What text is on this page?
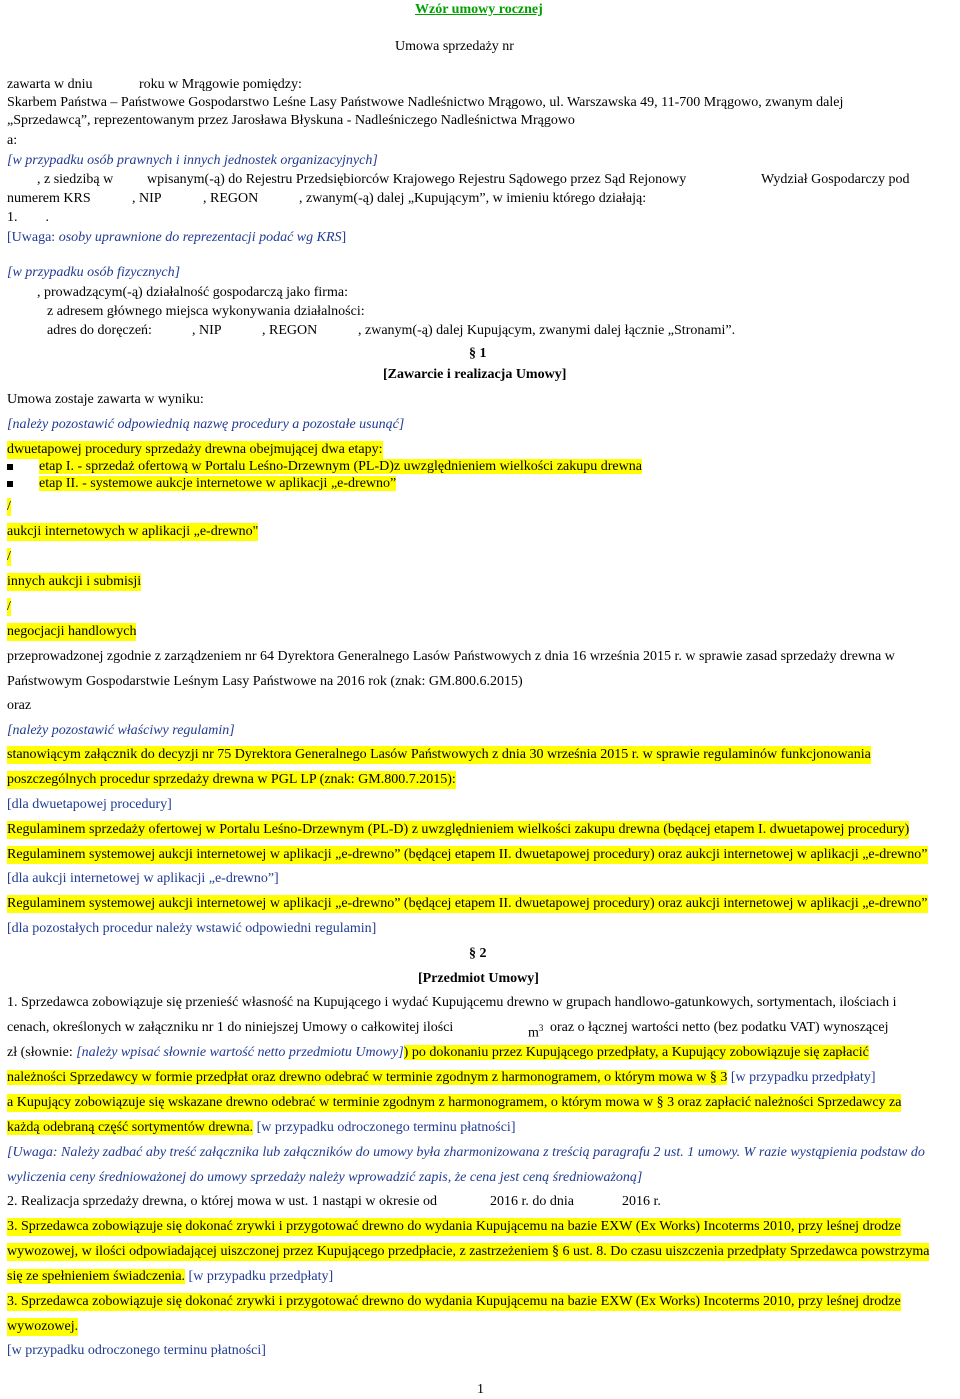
Wzór umowy rocznej
Umowa sprzedaży nr
zawarta w dniu	roku w Mrągowie pomiędzy:
Skarbem Państwa – Państwowe Gospodarstwo Leśne Lasy Państwowe Nadleśnictwo Mrągowo, ul. Warszawska 49, 11-700 Mrągowo, zwanym dalej
„Sprzedawcą”, reprezentowanym przez Jarosława Błyskuna - Nadleśniczego Nadleśnictwa Mrągowo
a:
[w przypadku osób prawnych i innych jednostek organizacyjnych]
, z siedzibą w wpisanym(-ą) do Rejestru Przedsiębiorców Krajowego Rejestru Sądowego przez Sąd Rejonowy	Wydział Gospodarczy pod
numerem KRS	, NIP	, REGON	, zwanym(-ą) dalej „Kupującym”, w imieniu którego działają:
1.        .
[Uwaga: osoby uprawnione do reprezentacji podać wg KRS]
[w przypadku osób fizycznych]
, prowadzącym(-ą) działalność gospodarczą jako firma:
z adresem głównego miejsca wykonywania działalności:
adres do doręczeń:	, NIP	, REGON	, zwanym(-ą) dalej Kupującym, zwanymi dalej łącznie „Stronami”.
§ 1
[Zawarcie i realizacja Umowy]
Umowa zostaje zawarta w wyniku:
[należy pozostawić odpowiednią nazwę procedury a pozostałe usunąć]
dwuetapowej procedury sprzedaży drewna obejmującej dwa etapy:
etap I. - sprzedaż ofertową w Portalu Leśno-Drzewnym (PL-D)z uwzględnieniem wielkości zakupu drewna
etap II. - systemowe aukcje internetowe w aplikacji „e-drewno”
/
aukcji internetowych w aplikacji „e-drewno"
/
innych aukcji i submisji
/
negocjacji handlowych
przeprowadzonej zgodnie z zarządzeniem nr 64 Dyrektora Generalnego Lasów Państwowych z dnia 16 września 2015 r. w sprawie zasad sprzedaży drewna w
Państwowym Gospodarstwie Leśnym Lasy Państwowe na 2016 rok (znak: GM.800.6.2015)
oraz
[należy pozostawić właściwy regulamin]
stanowiącym załącznik do decyzji nr 75 Dyrektora Generalnego Lasów Państwowych z dnia 30 września 2015 r. w sprawie regulaminów funkcjonowania
poszczególnych procedur sprzedaży drewna w PGL LP (znak: GM.800.7.2015):
[dla dwuetapowej procedury]
Regulaminem sprzedaży ofertowej w Portalu Leśno-Drzewnym (PL-D) z uwzględnieniem wielkości zakupu drewna (będącej etapem I. dwuetapowej procedury)
Regulaminem systemowej aukcji internetowej w aplikacji „e-drewno” (będącej etapem II. dwuetapowej procedury) oraz aukcji internetowej w aplikacji „e-drewno”
[dla aukcji internetowej w aplikacji „e-drewno”]
Regulaminem systemowej aukcji internetowej w aplikacji „e-drewno” (będącej etapem II. dwuetapowej procedury) oraz aukcji internetowej w aplikacji „e-drewno”
[dla pozostałych procedur należy wstawić odpowiedni regulamin]
§ 2
[Przedmiot Umowy]
1. Sprzedawca zobowiązuje się przenieść własność na Kupującego i wydać Kupującemu drewno w grupach handlowo-gatunkowych, sortymentach, ilościach i
cenach, określonych w załączniku nr 1 do niniejszej Umowy o całkowitej ilości	$m^3$ oraz o łącznej wartości netto (bez podatku VAT) wynoszącej
zł (słownie: [należy wpisać słownie wartość netto przedmiotu Umowy]) po dokonaniu przez Kupującego przedpłaty, a Kupujący zobowiązuje się zapłacić
należności Sprzedawcy w formie przedpłat oraz drewno odebrać w terminie zgodnym z harmonogramem, o którym mowa w § 3 [w przypadku przedpłaty]
a Kupujący zobowiązuje się wskazane drewno odebrać w terminie zgodnym z harmonogramem, o którym mowa w § 3 oraz zapłacić należności Sprzedawcy za
każdą odebraną część sortymentów drewna. [w przypadku odroczonego terminu płatności]
[Uwaga: Należy zadbać aby treść załącznika lub załączników do umowy była zharmonizowana z treścią paragrafu 2 ust. 1 umowy. W razie wystąpienia podstaw do
wyliczenia ceny średnioważonej do umowy sprzedaży należy wprowadzić zapis, że cena jest ceną średnioważoną]
2. Realizacja sprzedaży drewna, o której mowa w ust. 1 nastąpi w okresie od	2016 r. do dnia	2016 r.
3. Sprzedawca zobowiązuje się dokonać zrywki i przygotować drewno do wydania Kupującemu na bazie EXW (Ex Works) Incoterms 2010, przy leśnej drodze
wywozowej, w ilości odpowiadającej uiszczonej przez Kupującego przedpłacie, z zastrzeżeniem § 6 ust. 8. Do czasu uiszczenia przedpłaty Sprzedawca powstrzyma
się ze spełnieniem świadczenia. [w przypadku przedpłaty]
3. Sprzedawca zobowiązuje się dokonać zrywki i przygotować drewno do wydania Kupującemu na bazie EXW (Ex Works) Incoterms 2010, przy leśnej drodze
wywozowej.
[w przypadku odroczonego terminu płatności]
1
